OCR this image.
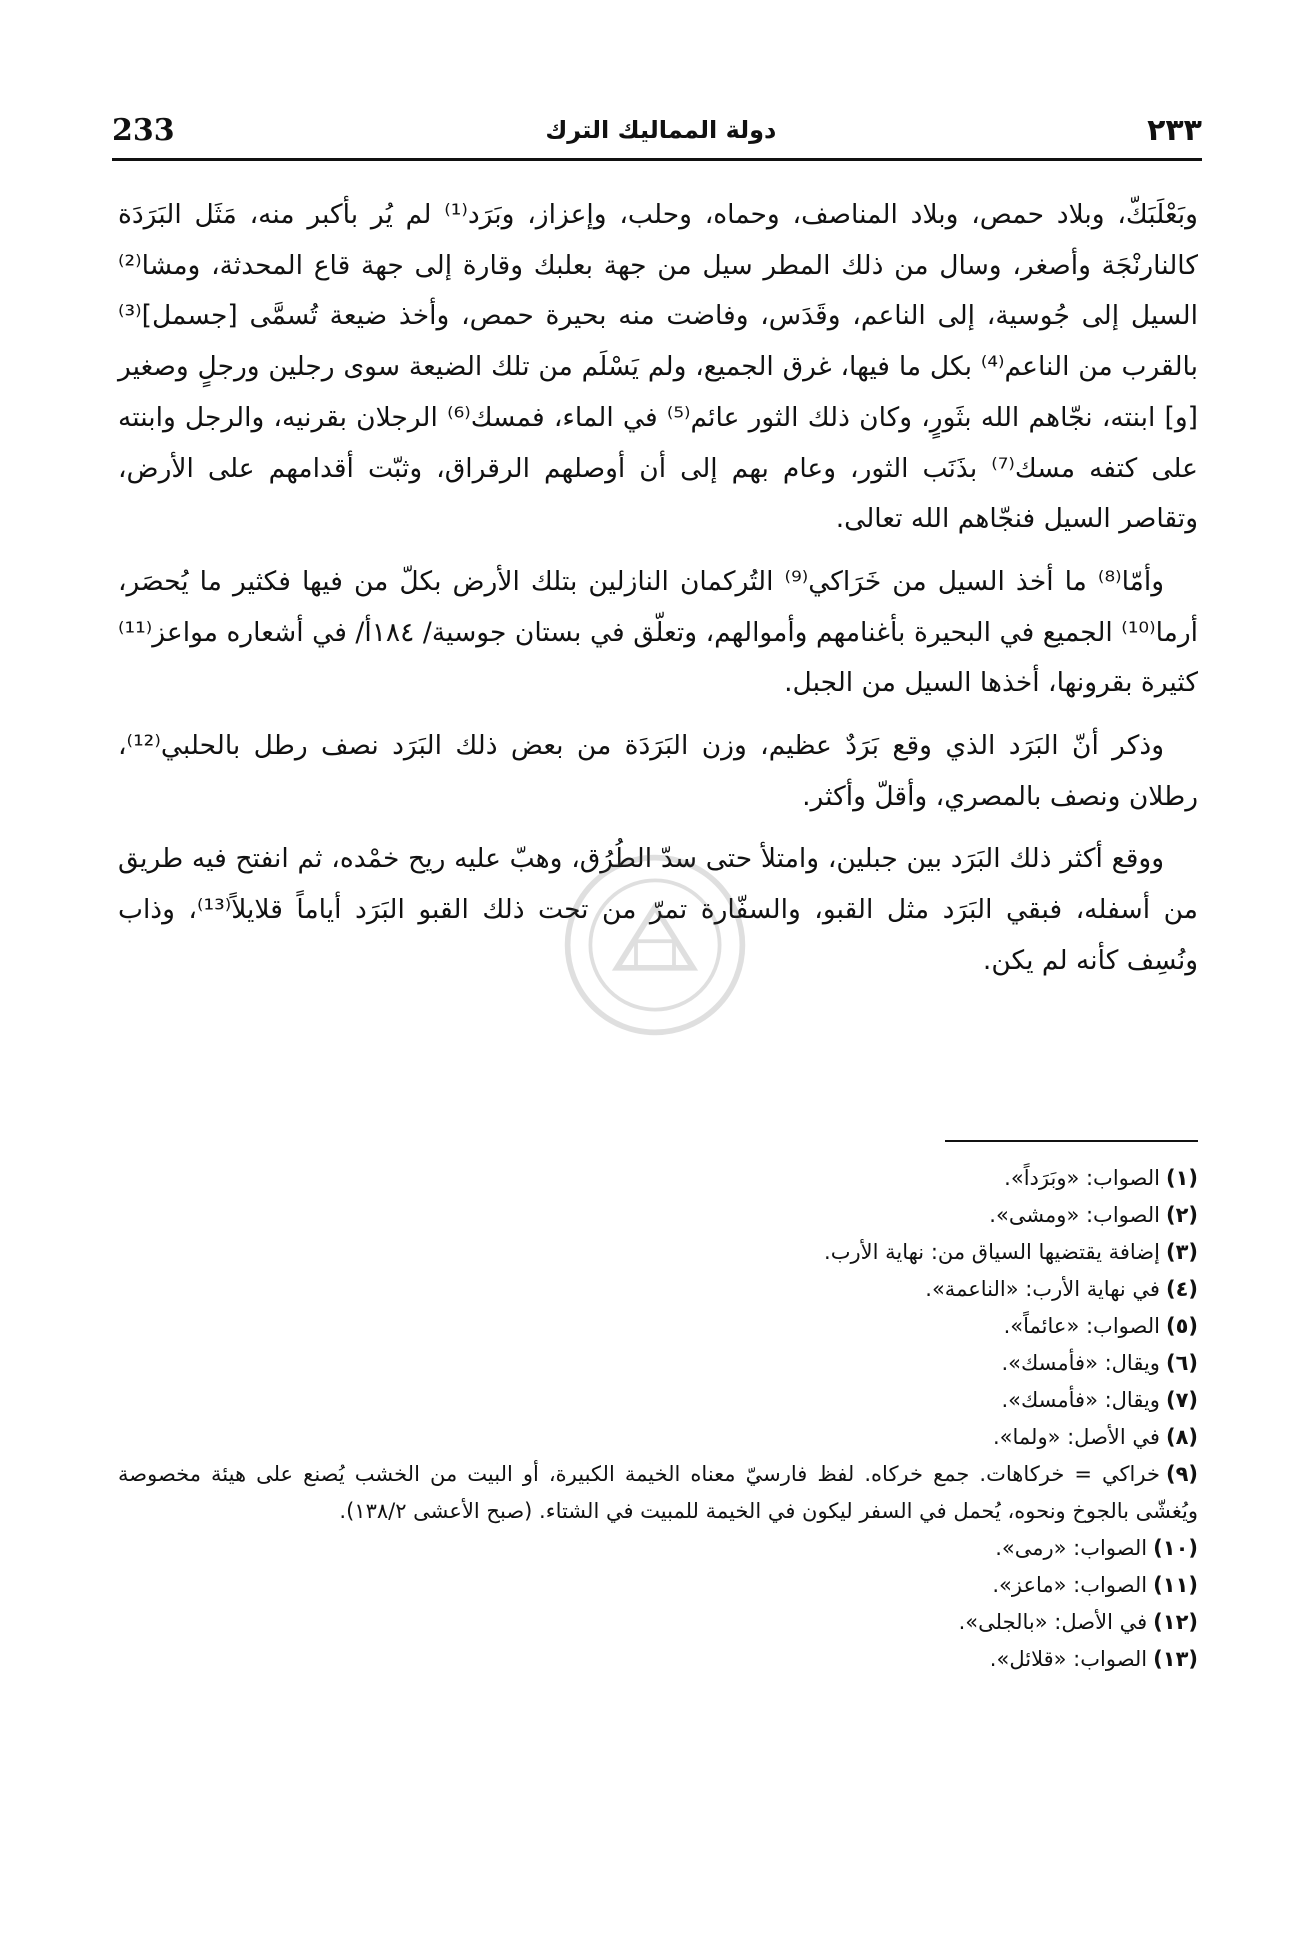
233	دولة المماليك الترك	٢٣٣

وبَعْلَبَكّ، وبلاد حمص، وبلاد المناصف، وحماه، وحلب، وإعزاز، وبَرَد⁽¹⁾ لم يُر بأكبر منه، مَثَل البَرَدَة كالنارنْجَة وأصغر، وسال من ذلك المطر سيل من جهة بعلبك وقارة إلى جهة قاع المحدثة، ومشا⁽²⁾ السيل إلى جُوسية، إلى الناعم، وقَدَس، وفاضت منه بحيرة حمص، وأخذ ضيعة تُسمَّى [جسمل]⁽³⁾ بالقرب من الناعم⁽⁴⁾ بكل ما فيها، غرق الجميع، ولم يَسْلَم من تلك الضيعة سوى رجلين ورجلٍ وصغير [و] ابنته، نجّاهم الله بثَورٍ، وكان ذلك الثور عائم⁽⁵⁾ في الماء، فمسك⁽⁶⁾ الرجلان بقرنيه، والرجل وابنته على كتفه مسك⁽⁷⁾ بذَنَب الثور، وعام بهم إلى أن أوصلهم الرقراق، وثبّت أقدامهم على الأرض، وتقاصر السيل فنجّاهم الله تعالى.

وأمّا⁽⁸⁾ ما أخذ السيل من خَرَاكي⁽⁹⁾ التُركمان النازلين بتلك الأرض بكلّ من فيها فكثير ما يُحصَر، أرما⁽¹⁰⁾ الجميع في البحيرة بأغنامهم وأموالهم، وتعلّق في بستان جوسية/ ١٨٤أ/ في أشعاره مواعز⁽¹¹⁾ كثيرة بقرونها، أخذها السيل من الجبل.

وذكر أنّ البَرَد الذي وقع بَرَدٌ عظيم، وزن البَرَدَة من بعض ذلك البَرَد نصف رطل بالحلبي⁽¹²⁾، رطلان ونصف بالمصري، وأقلّ وأكثر.

ووقع أكثر ذلك البَرَد بين جبلين، وامتلأ حتى سدّ الطُرُق، وهبّ عليه ريح خمْده، ثم انفتح فيه طريق من أسفله، فبقي البَرَد مثل القبو، والسفّارة تمرّ من تحت ذلك القبو البَرَد أياماً قلايلاً⁽¹³⁾، وذاب ونُسِف كأنه لم يكن.

(١)الصواب: «وبَرَداً».

(٢)الصواب: «ومشى».

(٣)إضافة يقتضيها السياق من: نهاية الأرب.

(٤)في نهاية الأرب: «الناعمة».

(٥)الصواب: «عائماً».

(٦)ويقال: «فأمسك».

(٧)ويقال: «فأمسك».

(٨)في الأصل: «ولما».

(٩)خراكي = خركاهات. جمع خركاه. لفظ فارسيّ معناه الخيمة الكبيرة، أو البيت من الخشب يُصنع على هيئة مخصوصة ويُغشّى بالجوخ ونحوه، يُحمل في السفر ليكون في الخيمة للمبيت في الشتاء. (صبح الأعشى ١٣٨/٢).

(١٠)الصواب: «رمى».

(١١)الصواب: «ماعز».

(١٢)في الأصل: «بالجلى».

(١٣)الصواب: «قلائل».
